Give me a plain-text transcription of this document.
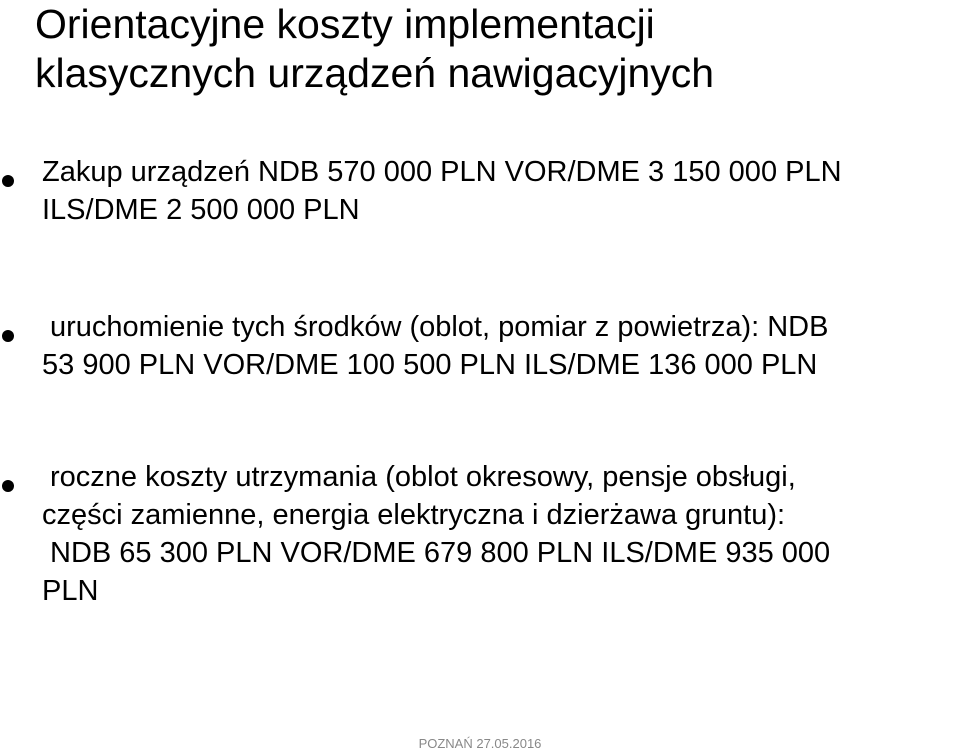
Orientacyjne koszty implementacji
klasycznych urządzeń nawigacyjnych

Zakup urządzeń NDB 570 000 PLN VOR/DME 3 150 000 PLN
ILS/DME 2 500 000 PLN

uruchomienie tych środków (oblot, pomiar z powietrza): NDB
53 900 PLN VOR/DME 100 500 PLN ILS/DME 136 000 PLN

roczne koszty utrzymania (oblot okresowy, pensje obsługi,
części zamienne, energia elektryczna i dzierżawa gruntu):
NDB 65 300 PLN VOR/DME 679 800 PLN ILS/DME 935 000
PLN

POZNAŃ 27.05.2016
